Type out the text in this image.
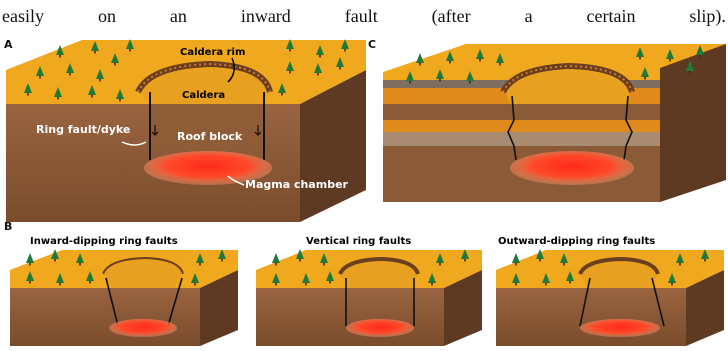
easily	on	an	inward	fault	(after	a	certain	slip).
A
Caldera rim
Caldera
Ring fault/dyke
Roof block
Magma chamber
C
B
Inward-dipping ring faults	Vertical ring faults	Outward-dipping ring faults
